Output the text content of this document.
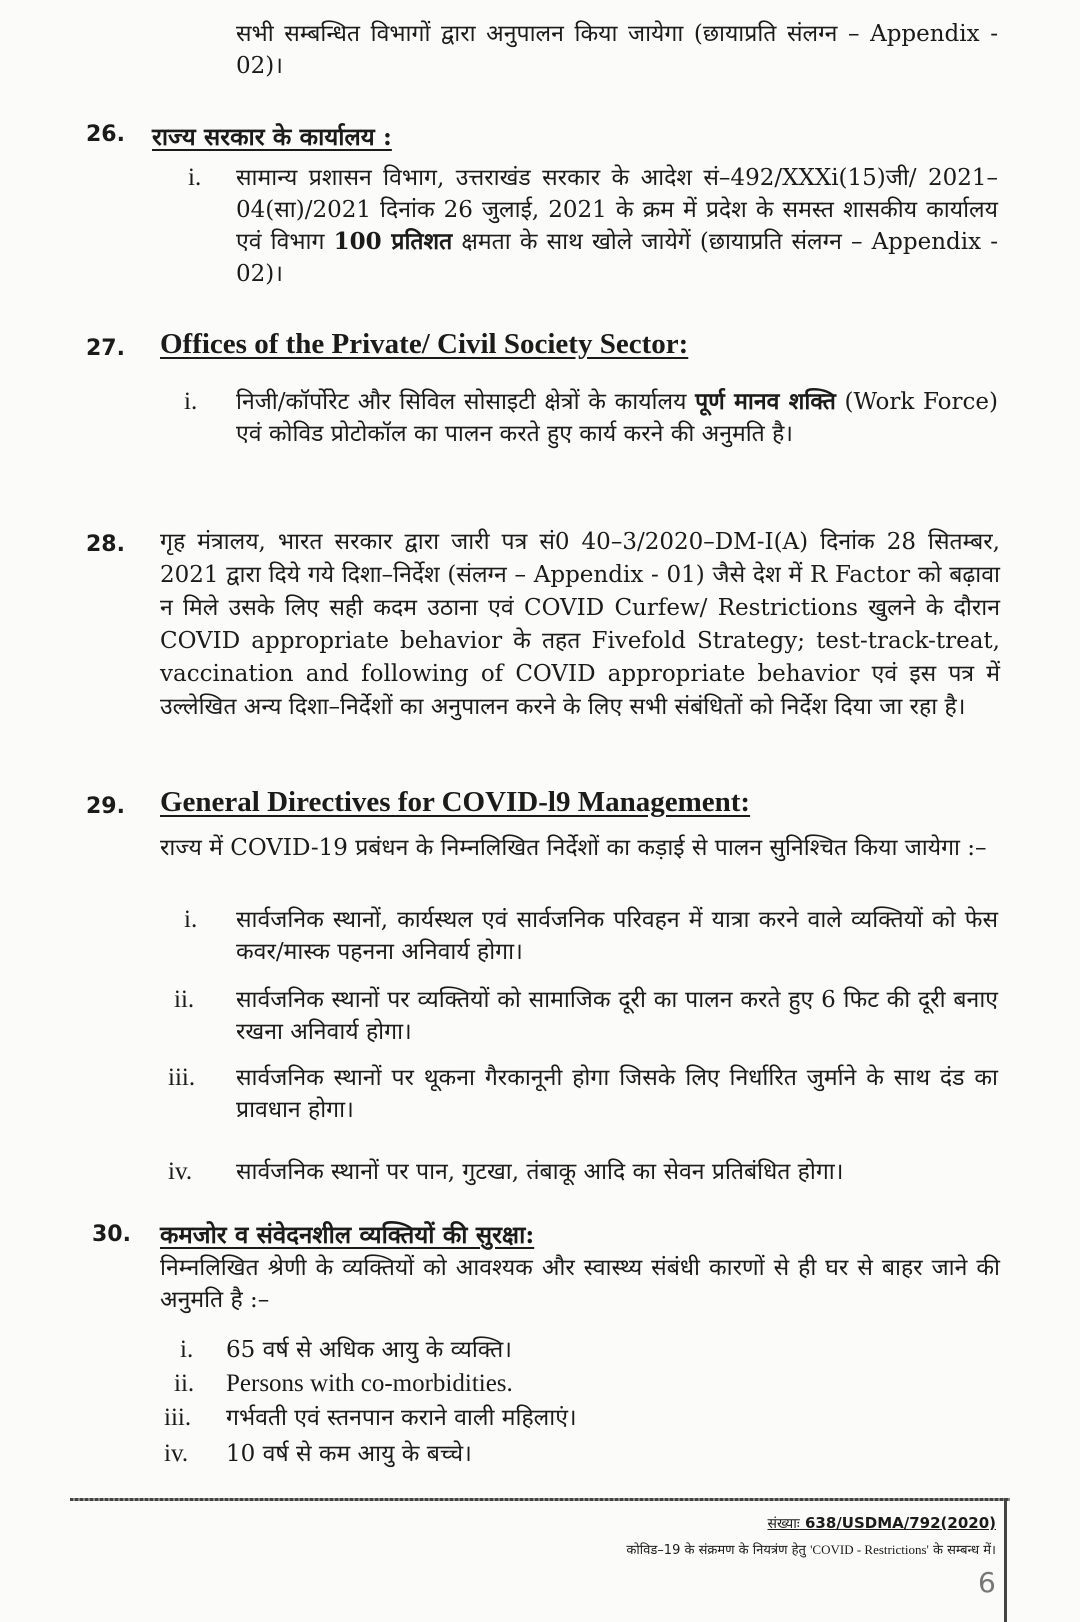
सभी सम्बन्धित विभागों द्वारा अनुपालन किया जायेगा (छायाप्रति संलग्न – Appendix - 02)।
26. राज्य सरकार के कार्यालय :
i. सामान्य प्रशासन विभाग, उत्तराखंड सरकार के आदेश सं–492/XXXi(15)जी/ 2021–04(सा)/2021 दिनांक 26 जुलाई, 2021 के क्रम में प्रदेश के समस्त शासकीय कार्यालय एवं विभाग 100 प्रतिशत क्षमता के साथ खोले जायेगें (छायाप्रति संलग्न – Appendix - 02)।
27. Offices of the Private/ Civil Society Sector:
i. निजी/कॉर्पोरेट और सिविल सोसाइटी क्षेत्रों के कार्यालय पूर्ण मानव शक्ति (Work Force) एवं कोविड प्रोटोकॉल का पालन करते हुए कार्य करने की अनुमति है।
28. गृह मंत्रालय, भारत सरकार द्वारा जारी पत्र सं0 40–3/2020–DM-I(A) दिनांक 28 सितम्बर, 2021 द्वारा दिये गये दिशा–निर्देश (संलग्न – Appendix - 01) जैसे देश में R Factor को बढ़ावा न मिले उसके लिए सही कदम उठाना एवं COVID Curfew/ Restrictions खुलने के दौरान COVID appropriate behavior के तहत Fivefold Strategy; test-track-treat, vaccination and following of COVID appropriate behavior एवं इस पत्र में उल्लेखित अन्य दिशा–निर्देशों का अनुपालन करने के लिए सभी संबंधितों को निर्देश दिया जा रहा है।
29. General Directives for COVID-l9 Management:
राज्य में COVID-19 प्रबंधन के निम्नलिखित निर्देशों का कड़ाई से पालन सुनिश्चित किया जायेगा :–
i. सार्वजनिक स्थानों, कार्यस्थल एवं सार्वजनिक परिवहन में यात्रा करने वाले व्यक्तियों को फेस कवर/मास्क पहनना अनिवार्य होगा।
ii. सार्वजनिक स्थानों पर व्यक्तियों को सामाजिक दूरी का पालन करते हुए 6 फिट की दूरी बनाए रखना अनिवार्य होगा।
iii. सार्वजनिक स्थानों पर थूकना गैरकानूनी होगा जिसके लिए निर्धारित जुर्माने के साथ दंड का प्रावधान होगा।
iv. सार्वजनिक स्थानों पर पान, गुटखा, तंबाकू आदि का सेवन प्रतिबंधित होगा।
30. कमजोर व संवेदनशील व्यक्तियों की सुरक्षा:
निम्नलिखित श्रेणी के व्यक्तियों को आवश्यक और स्वास्थ्य संबंधी कारणों से ही घर से बाहर जाने की अनुमति है :–
i. 65 वर्ष से अधिक आयु के व्यक्ति।
ii. Persons with co-morbidities.
iii. गर्भवती एवं स्तनपान कराने वाली महिलाएं।
iv. 10 वर्ष से कम आयु के बच्चे।
संख्याः 638/USDMA/792(2020)
कोविड–19 के संक्रमण के नियत्रंण हेतु 'COVID - Restrictions' के सम्बन्ध में।
6
